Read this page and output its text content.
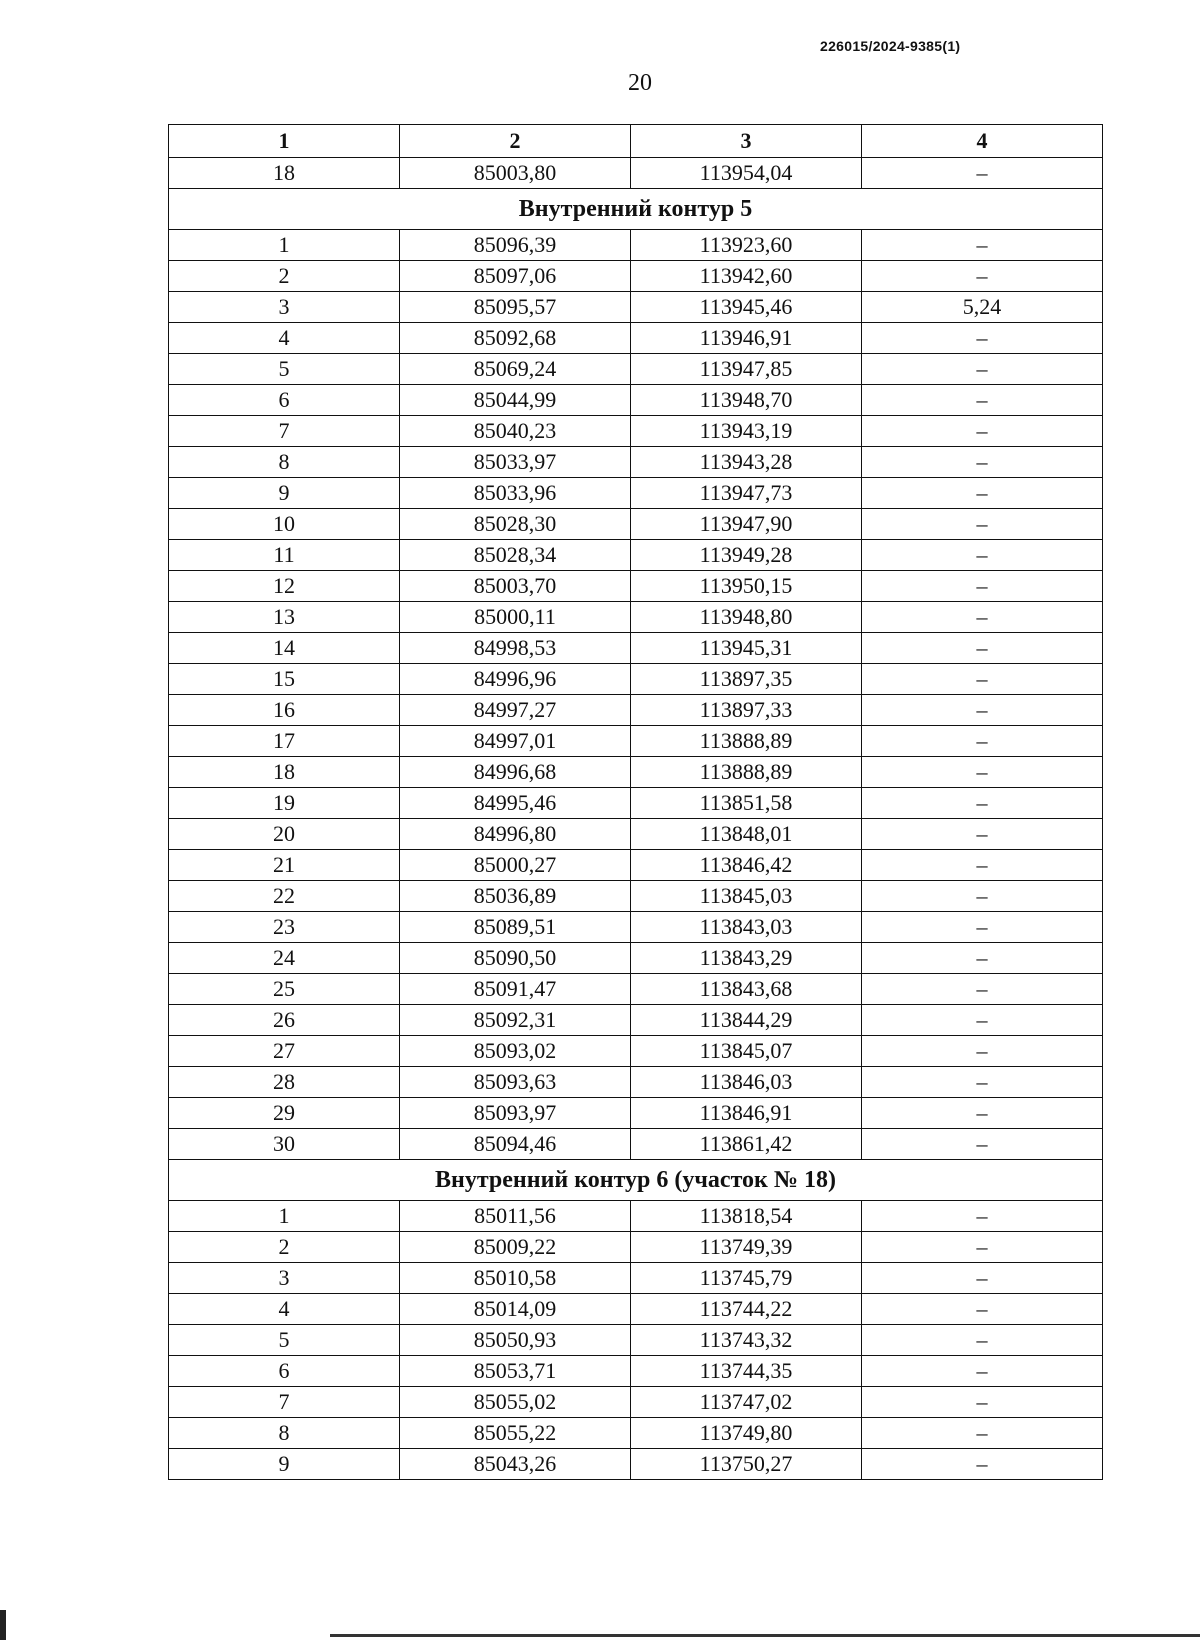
226015/2024-9385(1)
20
1	2	3	4
18	85003,80	113954,04	–
Внутренний контур 5			
1	85096,39	113923,60	–
2	85097,06	113942,60	–
3	85095,57	113945,46	5,24
4	85092,68	113946,91	–
5	85069,24	113947,85	–
6	85044,99	113948,70	–
7	85040,23	113943,19	–
8	85033,97	113943,28	–
9	85033,96	113947,73	–
10	85028,30	113947,90	–
11	85028,34	113949,28	–
12	85003,70	113950,15	–
13	85000,11	113948,80	–
14	84998,53	113945,31	–
15	84996,96	113897,35	–
16	84997,27	113897,33	–
17	84997,01	113888,89	–
18	84996,68	113888,89	–
19	84995,46	113851,58	–
20	84996,80	113848,01	–
21	85000,27	113846,42	–
22	85036,89	113845,03	–
23	85089,51	113843,03	–
24	85090,50	113843,29	–
25	85091,47	113843,68	–
26	85092,31	113844,29	–
27	85093,02	113845,07	–
28	85093,63	113846,03	–
29	85093,97	113846,91	–
30	85094,46	113861,42	–
Внутренний контур 6 (участок № 18)			
1	85011,56	113818,54	–
2	85009,22	113749,39	–
3	85010,58	113745,79	–
4	85014,09	113744,22	–
5	85050,93	113743,32	–
6	85053,71	113744,35	–
7	85055,02	113747,02	–
8	85055,22	113749,80	–
9	85043,26	113750,27	–
